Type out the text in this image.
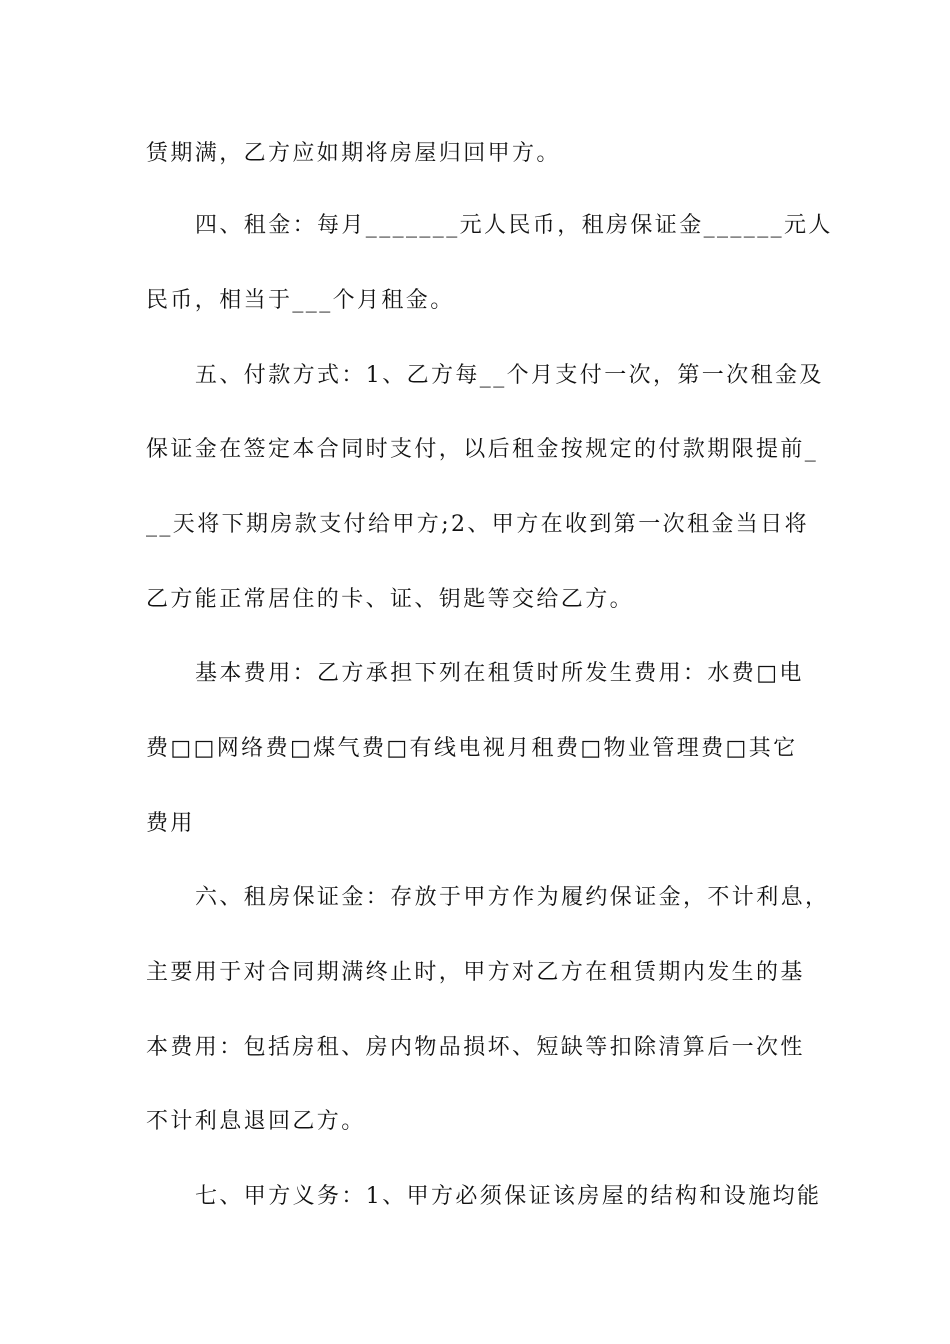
赁期满，乙方应如期将房屋归回甲方。
四、租金：每月_______元人民币，租房保证金______元人
民币，相当于___个月租金。
五、付款方式：1、乙方每__个月支付一次，第一次租金及
保证金在签定本合同时支付，以后租金按规定的付款期限提前_
__天将下期房款支付给甲方;2、甲方在收到第一次租金当日将
乙方能正常居住的卡、证、钥匙等交给乙方。
基本费用：乙方承担下列在租赁时所发生费用：水费□电
费□□网络费□煤气费□有线电视月租费□物业管理费□其它
费用
六、租房保证金：存放于甲方作为履约保证金，不计利息，
主要用于对合同期满终止时，甲方对乙方在租赁期内发生的基
本费用：包括房租、房内物品损坏、短缺等扣除清算后一次性
不计利息退回乙方。
七、甲方义务：1、甲方必须保证该房屋的结构和设施均能
